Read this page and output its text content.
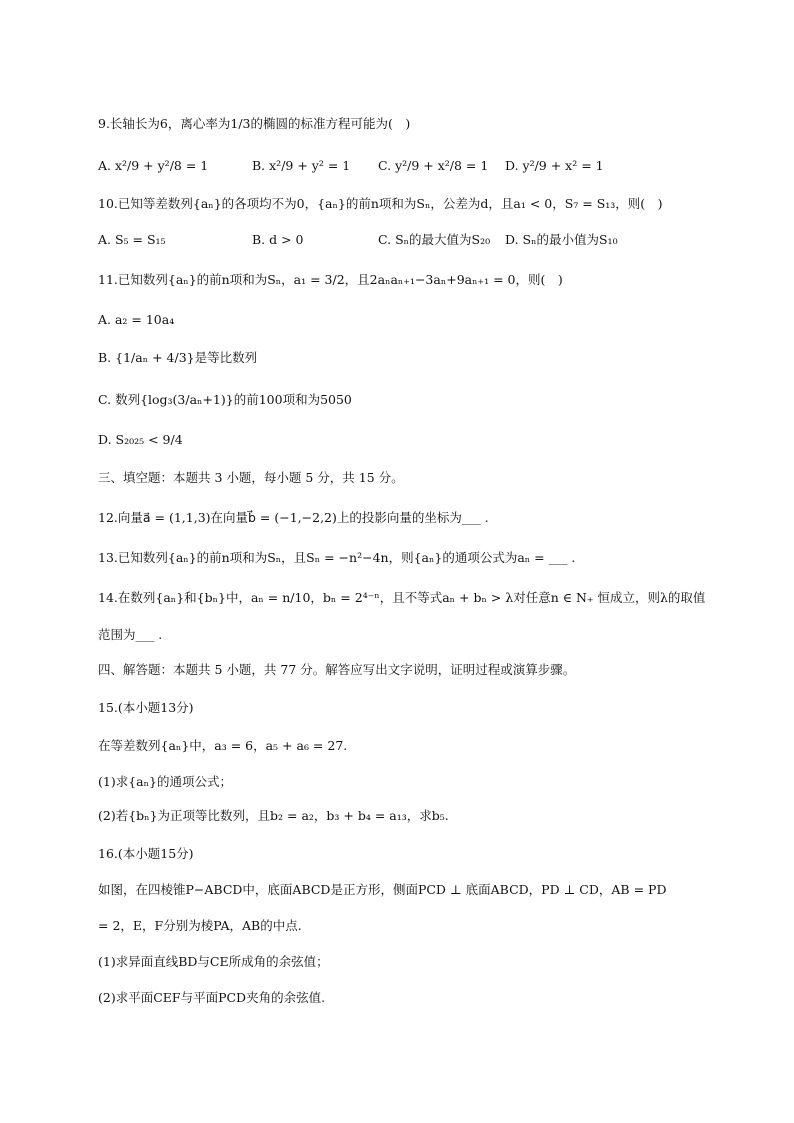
9.长轴长为6，离心率为1/3的椭圆的标准方程可能为(　)
A. x²/9 + y²/8 = 1	B. x²/9 + y² = 1 C. y²/9 + x²/8 = 1 D. y²/9 + x² = 1
10.已知等差数列{aₙ}的各项均不为0，{aₙ}的前n项和为Sₙ，公差为d，且a₁ < 0，S₇ = S₁₃，则(　)
A. S₅ = S₁₅	B. d > 0	C. Sₙ的最大值为S₂₀ D. Sₙ的最小值为S₁₀
11.已知数列{aₙ}的前n项和为Sₙ，a₁ = 3/2，且2aₙaₙ₊₁−3aₙ+9aₙ₊₁ = 0，则(　)
A. a₂ = 10a₄
B. {1/aₙ + 4/3}是等比数列
C. 数列{log₃(3/aₙ+1)}的前100项和为5050
D. S₂₀₂₅ < 9/4
三、填空题：本题共 3 小题，每小题 5 分，共 15 分。
12.向量a⃗ = (1,1,3)在向量b⃗ = (−1,−2,2)上的投影向量的坐标为___ .
13.已知数列{aₙ}的前n项和为Sₙ，且Sₙ = −n²−4n，则{aₙ}的通项公式为aₙ = ___ .
14.在数列{aₙ}和{bₙ}中，aₙ = n/10，bₙ = 2⁴⁻ⁿ，且不等式aₙ + bₙ > λ对任意n ∈ N₊ 恒成立，则λ的取值
范围为___ .
四、解答题：本题共 5 小题，共 77 分。解答应写出文字说明，证明过程或演算步骤。
15.(本小题13分)
在等差数列{aₙ}中，a₃ = 6，a₅ + a₆ = 27.
(1)求{aₙ}的通项公式；
(2)若{bₙ}为正项等比数列，且b₂ = a₂，b₃ + b₄ = a₁₃，求b₅.
16.(本小题15分)
如图，在四棱锥P−ABCD中，底面ABCD是正方形，侧面PCD ⊥ 底面ABCD，PD ⊥ CD，AB = PD
= 2，E，F分别为棱PA，AB的中点.
(1)求异面直线BD与CE所成角的余弦值；
(2)求平面CEF与平面PCD夹角的余弦值.
